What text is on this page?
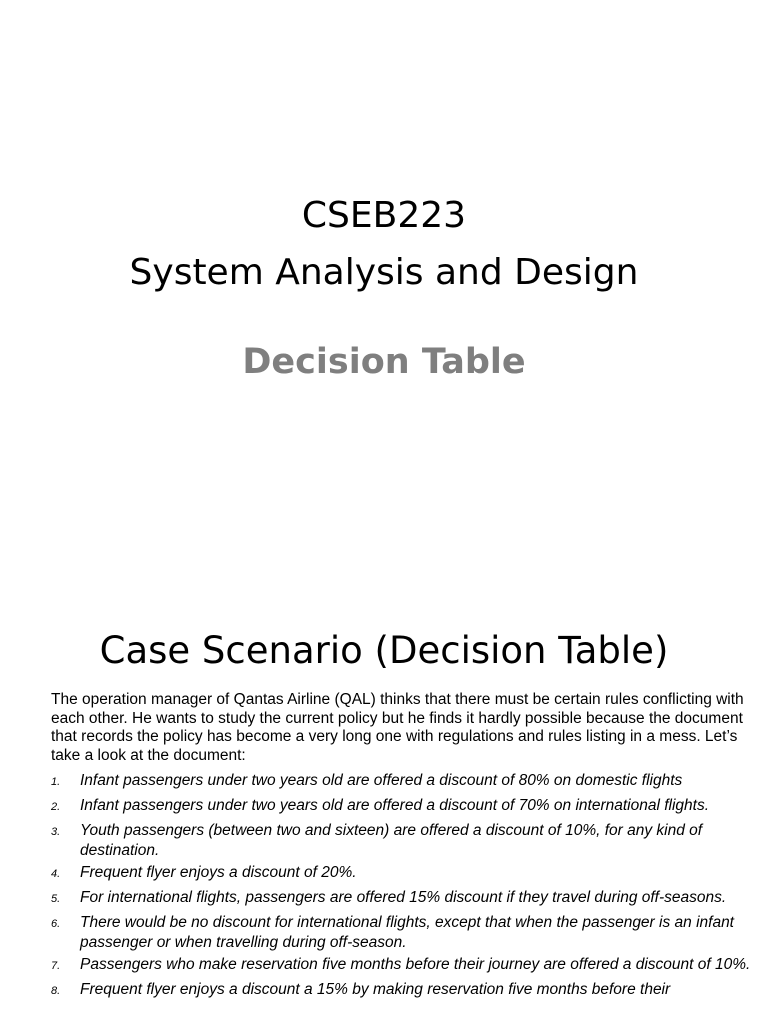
CSEB223
System Analysis and Design
Decision Table
Case Scenario (Decision Table)
The operation manager of Qantas Airline (QAL) thinks that there must be certain rules conflicting with each other. He wants to study the current policy but he finds it hardly possible because the document that records the policy has become a very long one with regulations and rules listing in a mess. Let’s take a look at the document:
1.	Infant passengers under two years old are offered a discount of 80% on domestic flights
2.	Infant passengers under two years old are offered a discount of 70% on international flights.
3.	Youth passengers (between two and sixteen) are offered a discount of 10%, for any kind of destination.
4.	Frequent flyer enjoys a discount of 20%.
5.	For international flights, passengers are offered 15% discount if they travel during off-seasons.
6.	There would be no discount for international flights, except that when the passenger is an infant passenger or when travelling during off-season.
7.	Passengers who make reservation five months before their journey are offered a discount of 10%.
8.	Frequent flyer enjoys a discount a 15% by making reservation five months before their
